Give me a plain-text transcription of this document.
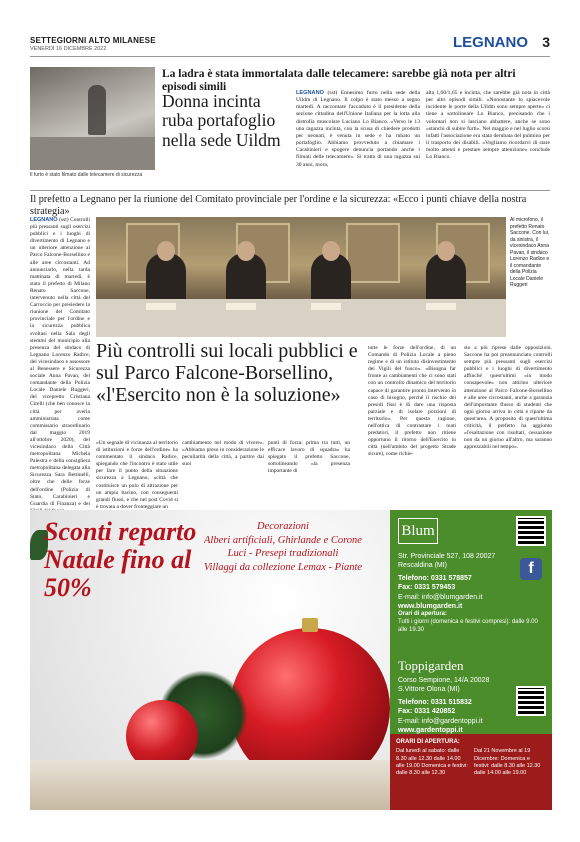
SETTEGIORNI ALTO MILANESE
VENERDÌ 16 DICEMBRE 2022	LEGNANO 3
Il furto è stato filmato dalle telecamere di sicurezza
La ladra è stata immortalata dalle telecamere: sarebbe già nota per altri episodi simili
Donna incinta ruba portafoglio nella sede Uildm
LEGNANO (sst) Ennesimo furto nella sede della Uildm di Legnano. Il colpo è stato messo a segno martedì. A raccontare l'accaduto è il presidente della sezione cittadina dell'Unione Italiana per la lotta alla distrofia muscolare Luciano Lo Bianco. «Verso le 13 una ragazza incinta, con la scusa di chiedere prodotti per neonati, è venuta in sede e ha rubato un portafoglio. Abbiamo provveduto a chiamare i Carabinieri e spogere denuncia portando anche i filmati delle telecamere». Si tratta di una ragazza sui 30 anni, mora,
alta 1,60/1,65 e incinta, che sarebbe già nota in città per altri episodi simili. «Nonostante lo spiacevole incidente le porte della Uildm sono sempre aperte» ci tiene a sottolineare Lo Bianco, precisando che i volontari non si lasciano abbattere, anche se sono «stanchi di subire furti». Nel maggio e nel luglio scorsi infatti l'associazione era stata derubata del pulmino per il trasporto dei disabili. «Vogliamo ricordarvi di stare molto attenti e prestare sempre attenzione» conclude Lo Bianco.
Il prefetto a Legnano per la riunione del Comitato provinciale per l'ordine e la sicurezza: «Ecco i punti chiave della nostra strategia»
LEGNANO (sst) Controlli più pressanti sugli esercizi pubblici e i luoghi di divertimento di Legnano e un ulteriore attenzione al Parco Falcone-Borsellino e alle aree circostanti. Ad annunciarlo, nella tarda mattinata di martedì, è stato il prefetto di Milano Renato Saccone, intervenuto nella città del Carroccio per presiedere la riunione del Comitato provinciale per l'ordine e la sicurezza pubblica svoltasi nella Sala degli stemmi del municipio alla presenza del sindaco di Legnano Lorenzo Radice, del vicesindaco e assessore al Benessere e Sicurezza sociale Anna Pavan, del comandante della Polizia Locale Daniele Ruggeri, del vicepretto Cristiana Cirelli (che ben conosce la città per averla amministrata come commissario straordinario dal maggio 2019 all'ottobre 2020), del vicesindaco della Città metropolitana Michela Palestra e della consigliera metropolitana delegata alla Sicurezza Sara Bettinelli, oltre che delle forze dell'ordine (Polizia di Stato, Carabinieri e Guardia di Finanza) e dei
Al microfono, il prefetto Renato Saccone. Con lui, da sinistra, il vicesindaco Anna Pavan, il sindaco Lorenzo Radice e il comandante della Polizia Locale Daniele Ruggeri
Più controlli sui locali pubblici e sul Parco Falcone-Borsellino, «l'Esercito non è la soluzione»
«Un segnale di vicinanza al territorio di istituzioni e forze dell'ordine» ha commentato il sindaco Radice, spiegando che l'incontro è stato utile per fare il punto della situazione sicurezza a Legnano, «città che costituisce un polo di attrazione per un ampio bacino, con conseguenti grandi flussi, e che nel post Covid si è trovata a dover fronteggiare un
cambiamento nel modo di vivere». «Abbiamo preso in considerazione le peculiarità della città, a partire dai suoi
punti di forza: prima tra tutti, un efficace lavoro di squadra» ha spiegato il prefetto Saccone, sottolineando «la presenza importante di
tutte le forze dell'ordine, di un Comando di Polizia Locale a pieno regime e di un istituto disinvestimento dei Vigili del fuoco». «Bisogna far fronte ai cambiamenti che ci sono stati con un controllo dinamico del territorio capace di garantire pronto intervento in caso di bisogno, perché il rischio dei presidi fissi è di dare una risposta parziale e di isolare porzioni di territorio». Per questa ragione, nell'ottica di contrastare i reati predatori, il prefetto non ritiene opportuno il ritorno dell'Esercito in città (nell'ambito del progetto Strade sicure), come richie-
sto a più riprese dalle opposizioni. Saccone ha poi preannunciato controlli sempre più pressanti sugli esercizi pubblici e i luoghi di divertimento affinché quest'ultimi «in modo consapevole» non attirino ulteriore attenzione al Parco Falcone-Borsellino e alle aree circostanti, anche a garanzia dell'importante flusso di studenti che ogni giorno arriva in città e riparte da quest'area. A proposito di quest'ultima criticità, il prefetto ha aggiunto «l'esaltazione con risultati, cessazione non da un giorno all'altro, ma saranno apprezzabili nel tempo».
Sconti reparto Natale fino al 50%
Decorazioni
Alberi artificiali, Ghirlande e Corone
Luci - Presepi tradizionali
Villaggi da collezione Lemax - Piante
Blum
f
Str. Provinciale 527, 108 20027 Rescaldina (MI)
Telefono: 0331 578857
Fax: 0331 579453
E-mail: info@blumgarden.it
www.blumgarden.it
Orari di apertura:
Tutti i giorni (domenica e festivi compresi): dalle 9.00 alle 19.30
Toppigarden
Corso Sempione, 14/A 20028 S.Vittore Olona (MI)
Telefono: 0331 515832
Fax: 0331 420852
E-mail: info@gardentoppi.it
www.gardentoppi.it
ORARI DI APERTURA:
Dal lunedì al sabato: dalle 8.30 alle 12.30 dalle 14.00 alle 19.00 Domenica e festivi: dalle 8.30 alle 12.30
Dal 21 Novembre al 19 Dicembre: Domenica e festivi: dalle 8.30 alle 12.30 dalle 14.00 alle 19.00
